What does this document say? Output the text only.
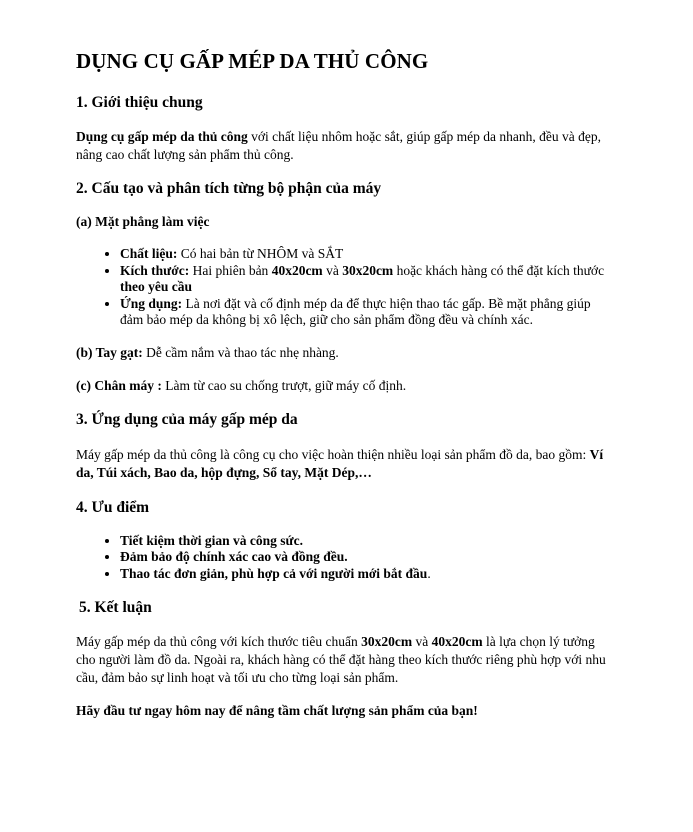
DỤNG CỤ GẤP MÉP DA THỦ CÔNG
1. Giới thiệu chung

Dụng cụ gấp mép da thủ công với chất liệu nhôm hoặc sắt, giúp gấp mép da nhanh, đều và đẹp, nâng cao chất lượng sản phẩm thủ công.

2. Cấu tạo và phân tích từng bộ phận của máy
(a) Mặt phẳng làm việc
• Chất liệu: Có hai bản từ NHÔM và SẮT
• Kích thước: Hai phiên bản 40x20cm và 30x20cm hoặc khách hàng có thể đặt kích thước theo yêu cầu
• Ứng dụng: Là nơi đặt và cố định mép da để thực hiện thao tác gấp. Bề mặt phẳng giúp đảm bảo mép da không bị xô lệch, giữ cho sản phẩm đồng đều và chính xác.

(b) Tay gạt: Dễ cầm nắm và thao tác nhẹ nhàng.

(c) Chân máy : Làm từ cao su chống trượt, giữ máy cố định.

3. Ứng dụng của máy gấp mép da

Máy gấp mép da thủ công là công cụ cho việc hoàn thiện nhiều loại sản phẩm đồ da, bao gồm: Ví da, Túi xách, Bao da, hộp đựng, Sổ tay, Mặt Dép,…

4. Ưu điểm
• Tiết kiệm thời gian và công sức.
• Đảm bảo độ chính xác cao và đồng đều.
• Thao tác đơn giản, phù hợp cả với người mới bắt đầu.
5. Kết luận

Máy gấp mép da thủ công với kích thước tiêu chuẩn 30x20cm và 40x20cm là lựa chọn lý tưởng cho người làm đồ da. Ngoài ra, khách hàng có thể đặt hàng theo kích thước riêng phù hợp với nhu cầu, đảm bảo sự linh hoạt và tối ưu cho từng loại sản phẩm.

Hãy đầu tư ngay hôm nay để nâng tầm chất lượng sản phẩm của bạn!
